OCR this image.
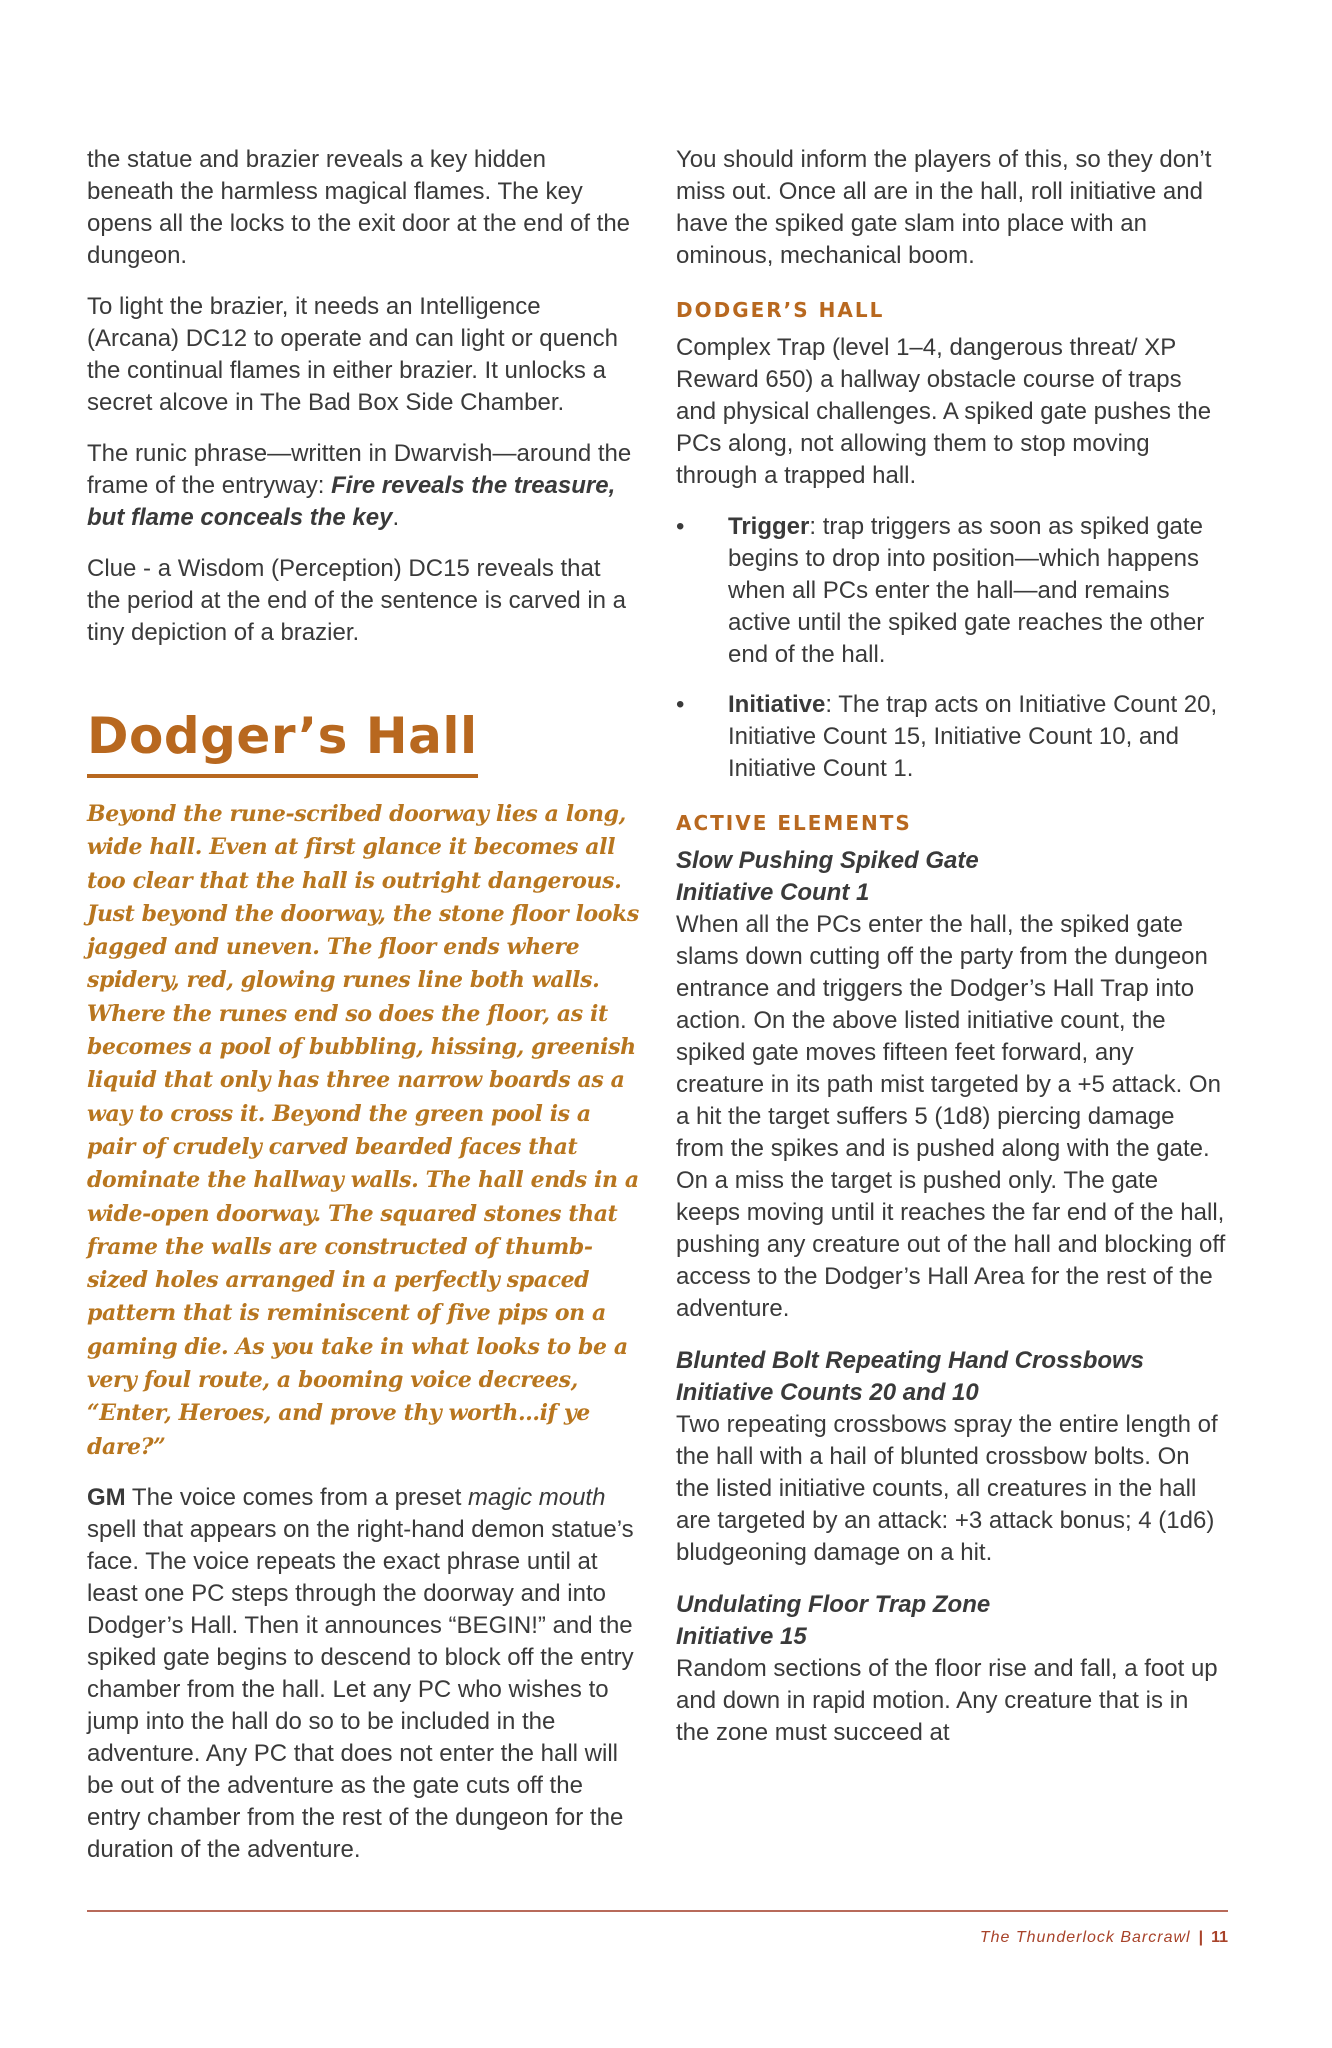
the statue and brazier reveals a key hidden beneath the harmless magical flames. The key opens all the locks to the exit door at the end of the dungeon.

To light the brazier, it needs an Intelligence (Arcana) DC12 to operate and can light or quench the continual flames in either brazier. It unlocks a secret alcove in The Bad Box Side Chamber.

The runic phrase—written in Dwarvish—around the frame of the entryway: Fire reveals the treasure, but flame conceals the key.

Clue - a Wisdom (Perception) DC15 reveals that the period at the end of the sentence is carved in a tiny depiction of a brazier.

Dodger’s Hall
Beyond the rune-scribed doorway lies a long, wide hall. Even at first glance it becomes all too clear that the hall is outright dangerous. Just beyond the doorway, the stone floor looks jagged and uneven. The floor ends where spidery, red, glowing runes line both walls. Where the runes end so does the floor, as it becomes a pool of bubbling, hissing, greenish liquid that only has three narrow boards as a way to cross it. Beyond the green pool is a pair of crudely carved bearded faces that dominate the hallway walls. The hall ends in a wide-open doorway. The squared stones that frame the walls are constructed of thumb-sized holes arranged in a perfectly spaced pattern that is reminiscent of five pips on a gaming die. As you take in what looks to be a very foul route, a booming voice decrees, “Enter, Heroes, and prove thy worth…if ye dare?”

GM The voice comes from a preset magic mouth spell that appears on the right-hand demon statue’s face. The voice repeats the exact phrase until at least one PC steps through the doorway and into Dodger’s Hall. Then it announces “BEGIN!” and the spiked gate begins to descend to block off the entry chamber from the hall. Let any PC who wishes to jump into the hall do so to be included in the adventure. Any PC that does not enter the hall will be out of the adventure as the gate cuts off the entry chamber from the rest of the dungeon for the duration of the adventure.

You should inform the players of this, so they don’t miss out. Once all are in the hall, roll initiative and have the spiked gate slam into place with an ominous, mechanical boom.

DODGER’S HALL

Complex Trap (level 1–4, dangerous threat/ XP Reward 650) a hallway obstacle course of traps and physical challenges. A spiked gate pushes the PCs along, not allowing them to stop moving through a trapped hall.

• Trigger: trap triggers as soon as spiked gate begins to drop into position—which happens when all PCs enter the hall—and remains active until the spiked gate reaches the other end of the hall.
• Initiative: The trap acts on Initiative Count 20, Initiative Count 15, Initiative Count 10, and Initiative Count 1.
ACTIVE ELEMENTS
Slow Pushing Spiked Gate
Initiative Count 1

When all the PCs enter the hall, the spiked gate slams down cutting off the party from the dungeon entrance and triggers the Dodger’s Hall Trap into action. On the above listed initiative count, the spiked gate moves fifteen feet forward, any creature in its path mist targeted by a +5 attack. On a hit the target suffers 5 (1d8) piercing damage from the spikes and is pushed along with the gate. On a miss the target is pushed only. The gate keeps moving until it reaches the far end of the hall, pushing any creature out of the hall and blocking off access to the Dodger’s Hall Area for the rest of the adventure.

Blunted Bolt Repeating Hand Crossbows
Initiative Counts 20 and 10

Two repeating crossbows spray the entire length of the hall with a hail of blunted crossbow bolts. On the listed initiative counts, all creatures in the hall are targeted by an attack: +3 attack bonus; 4 (1d6) bludgeoning damage on a hit.

Undulating Floor Trap Zone
Initiative 15

Random sections of the floor rise and fall, a foot up and down in rapid motion. Any creature that is in the zone must succeed at

The Thunderlock Barcrawl | 11
